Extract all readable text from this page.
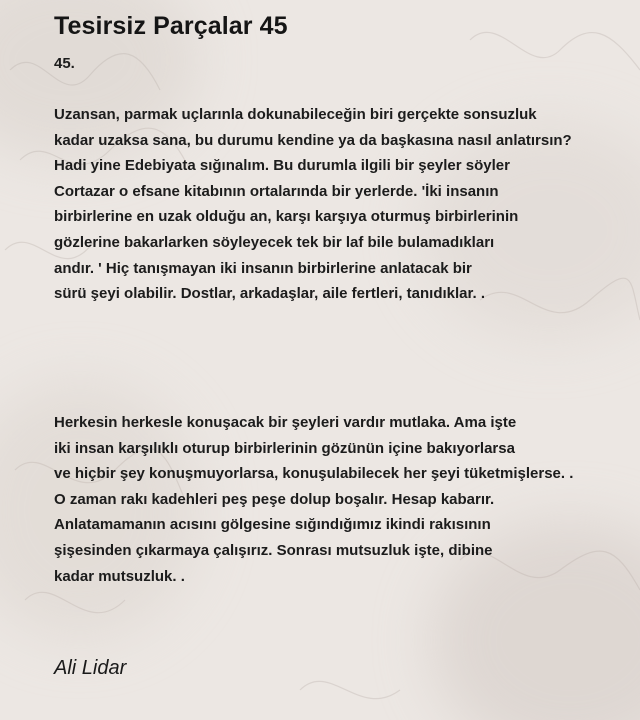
Tesirsiz Parçalar 45
45.

Uzansan, parmak uçlarınla dokunabileceğin biri gerçekte sonsuzluk
kadar uzaksa sana, bu durumu kendine ya da başkasına nasıl anlatırsın?
Hadi yine Edebiyata sığınalım. Bu durumla ilgili bir şeyler söyler
Cortazar o efsane kitabının ortalarında bir yerlerde. 'İki insanın
birbirlerine en uzak olduğu an, karşı karşıya oturmuş birbirlerinin
gözlerine bakarlarken söyleyecek tek bir laf bile bulamadıkları
andır. ' Hiç tanışmayan iki insanın birbirlerine anlatacak bir
sürü şeyi olabilir. Dostlar, arkadaşlar, aile fertleri, tanıdıklar. .

Herkesin herkesle konuşacak bir şeyleri vardır mutlaka. Ama işte
iki insan karşılıklı oturup birbirlerinin gözünün içine bakıyorlarsa
ve hiçbir şey konuşmuyorlarsa, konuşulabilecek her şeyi tüketmişlerse. .
O zaman rakı kadehleri peş peşe dolup boşalır. Hesap kabarır.
Anlatamamanın acısını gölgesine sığındığımız ikindi rakısının
şişesinden çıkarmaya çalışırız. Sonrası mutsuzluk işte, dibine
kadar mutsuzluk. .

Ali Lidar
